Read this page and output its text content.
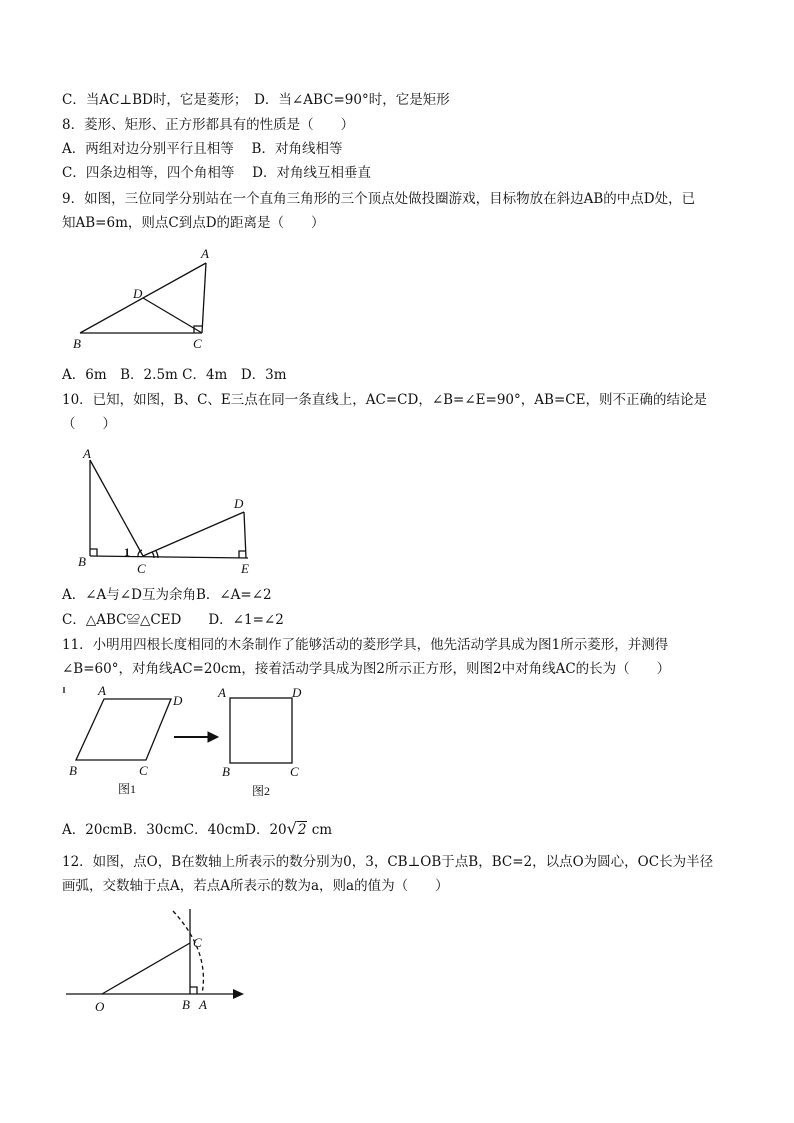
C．当AC⊥BD时，它是菱形；　D．当∠ABC=90°时，它是矩形
8．菱形、矩形、正方形都具有的性质是（　　）
A．两组对边分别平行且相等　 B．对角线相等
C．四条边相等，四个角相等　 D．对角线互相垂直
9．如图，三位同学分别站在一个直角三角形的三个顶点处做投圈游戏，目标物放在斜边AB的中点D处，已
知AB=6m，则点C到点D的距离是（　　）
A
D
B	C
A．6m　B．2.5m C．4m　D．3m
10．已知，如图，B、C、E三点在同一条直线上，AC=CD，∠B=∠E=90°，AB=CE，则不正确的结论是
（　　）
A
B
1
C
D
E
A．∠A与∠D互为余角B．∠A=∠2
C．△ABC≌△CED　　D．∠1=∠2
11．小明用四根长度相同的木条制作了能够活动的菱形学具，他先活动学具成为图1所示菱形，并测得
∠B=60°，对角线AC=20cm，接着活动学具成为图2所示正方形，则图2中对角线AC的长为（　　）
A
D
B	C
图1
A	D
B	C
图2
A．20cmB．30cmC．40cmD．20√2 cm
12．如图，点O，B在数轴上所表示的数分别为0，3，CB⊥OB于点B，BC=2，以点O为圆心，OC长为半径
画弧，交数轴于点A，若点A所表示的数为a，则a的值为（　　）
C
O	B A
